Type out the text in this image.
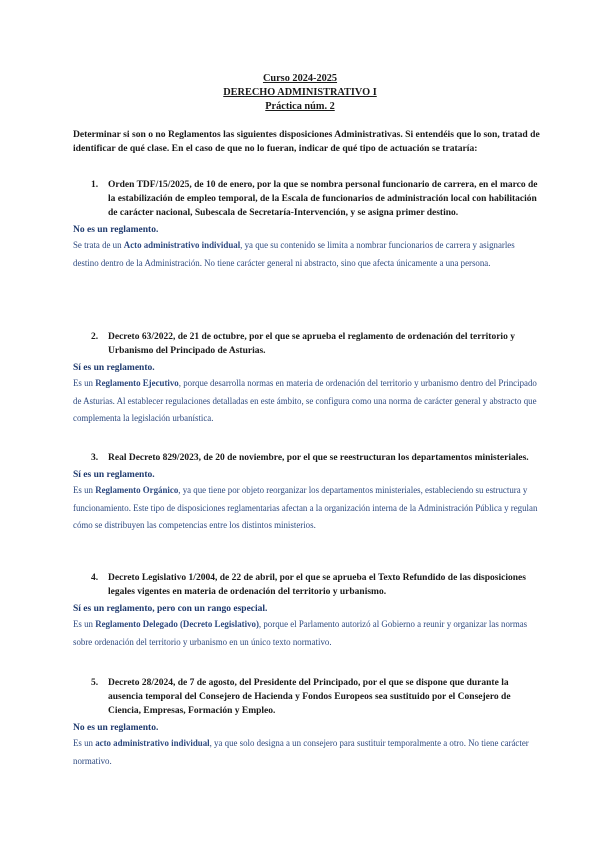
Curso 2024-2025
DERECHO ADMINISTRATIVO I
Práctica núm. 2
Determinar si son o no Reglamentos las siguientes disposiciones Administrativas. Si entendéis que lo son, tratad de identificar de qué clase. En el caso de que no lo fueran, indicar de qué tipo de actuación se trataría:
1.	Orden TDF/15/2025, de 10 de enero, por la que se nombra personal funcionario de carrera, en el marco de la estabilización de empleo temporal, de la Escala de funcionarios de administración local con habilitación de carácter nacional, Subescala de Secretaría-Intervención, y se asigna primer destino.
No es un reglamento.
Se trata de un Acto administrativo individual, ya que su contenido se limita a nombrar funcionarios de carrera y asignarles destino dentro de la Administración. No tiene carácter general ni abstracto, sino que afecta únicamente a una persona.
2.	Decreto 63/2022, de 21 de octubre, por el que se aprueba el reglamento de ordenación del territorio y Urbanismo del Principado de Asturias.
Sí es un reglamento.
Es un Reglamento Ejecutivo, porque desarrolla normas en materia de ordenación del territorio y urbanismo dentro del Principado de Asturias. Al establecer regulaciones detalladas en este ámbito, se configura como una norma de carácter general y abstracto que complementa la legislación urbanística.
3.	Real Decreto 829/2023, de 20 de noviembre, por el que se reestructuran los departamentos ministeriales.
Sí es un reglamento.
Es un Reglamento Orgánico, ya que tiene por objeto reorganizar los departamentos ministeriales, estableciendo su estructura y funcionamiento. Este tipo de disposiciones reglamentarias afectan a la organización interna de la Administración Pública y regulan cómo se distribuyen las competencias entre los distintos ministerios.
4.	Decreto Legislativo 1/2004, de 22 de abril, por el que se aprueba el Texto Refundido de las disposiciones legales vigentes en materia de ordenación del territorio y urbanismo.
Sí es un reglamento, pero con un rango especial.
Es un Reglamento Delegado (Decreto Legislativo), porque el Parlamento autorizó al Gobierno a reunir y organizar las normas sobre ordenación del territorio y urbanismo en un único texto normativo.
5.	Decreto 28/2024, de 7 de agosto, del Presidente del Principado, por el que se dispone que durante la ausencia temporal del Consejero de Hacienda y Fondos Europeos sea sustituido por el Consejero de Ciencia, Empresas, Formación y Empleo.
No es un reglamento.
Es un acto administrativo individual, ya que solo designa a un consejero para sustituir temporalmente a otro. No tiene carácter normativo.
